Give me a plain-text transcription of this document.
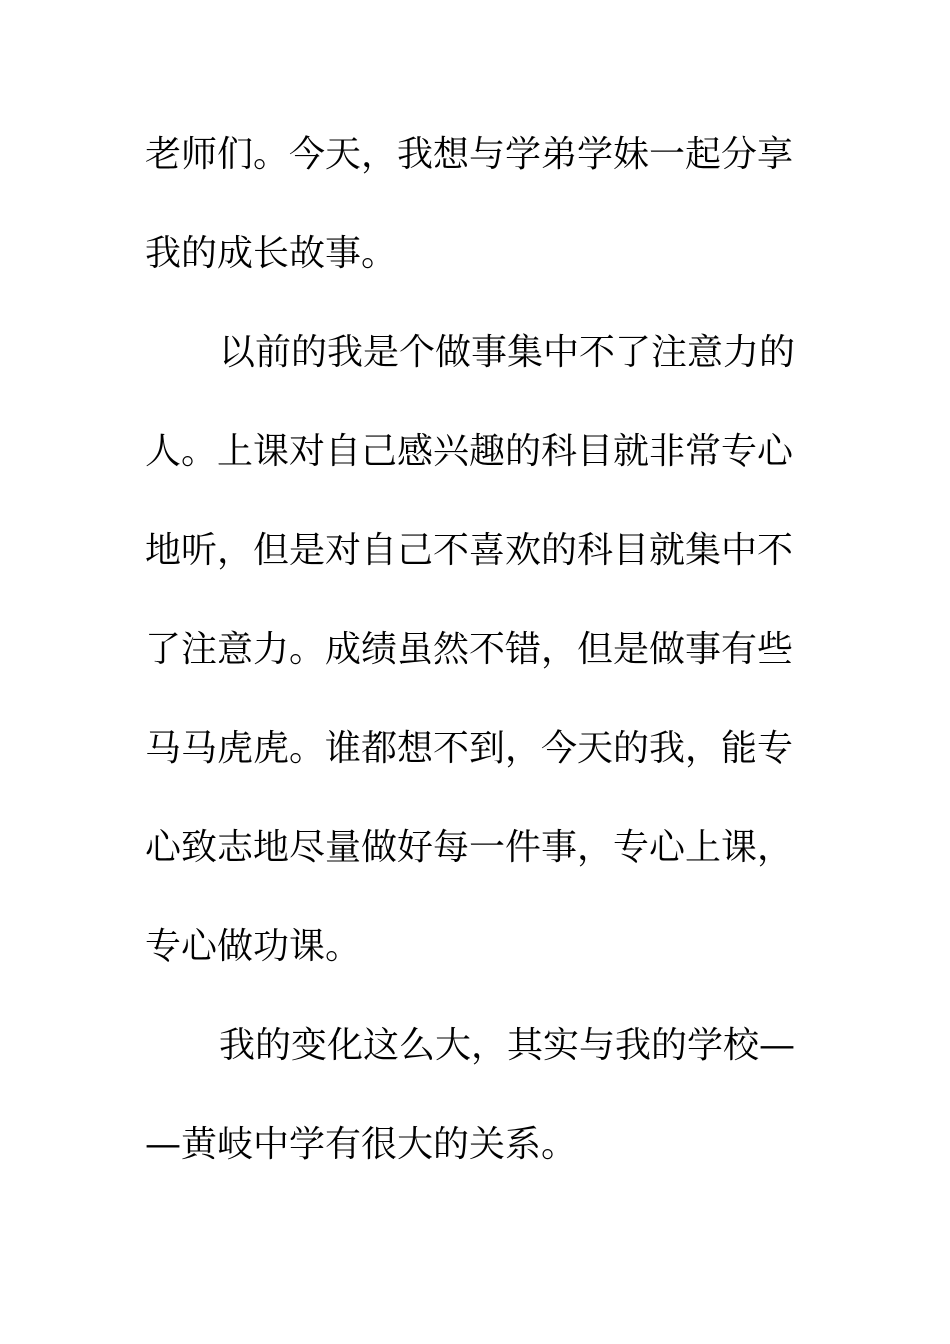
老师们。今天，我想与学弟学妹一起分享
我的成长故事。
以前的我是个做事集中不了注意力的
人。上课对自己感兴趣的科目就非常专心
地听，但是对自己不喜欢的科目就集中不
了注意力。成绩虽然不错，但是做事有些
马马虎虎。谁都想不到，今天的我，能专
心致志地尽量做好每一件事，专心上课，
专心做功课。
我的变化这么大，其实与我的学校—
—黄岐中学有很大的关系。
